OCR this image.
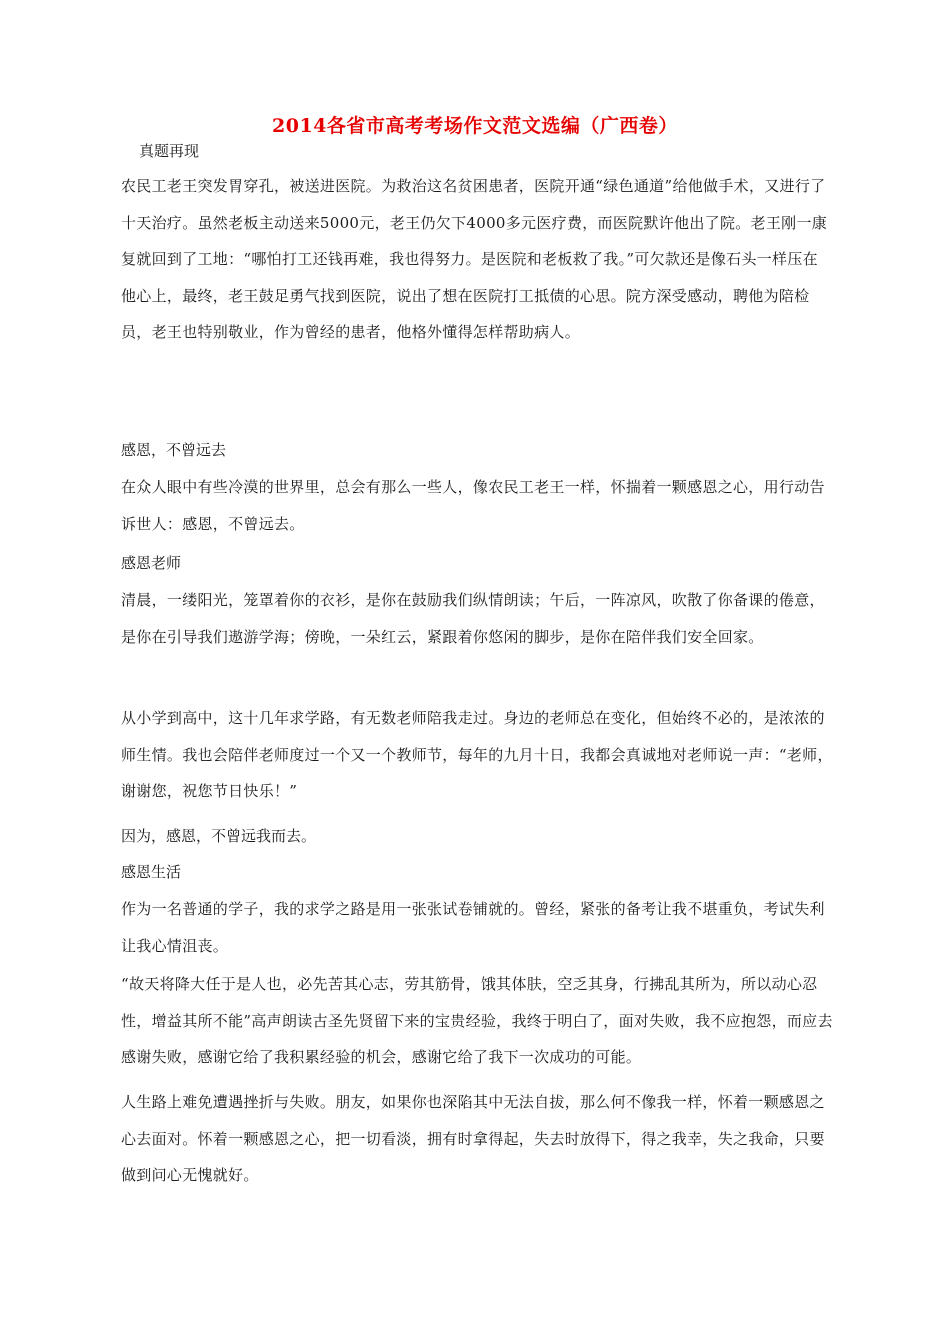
2014各省市高考考场作文范文选编（广西卷）
真题再现

农民工老王突发胃穿孔，被送进医院。为救治这名贫困患者，医院开通“绿色通道”给他做手术，又进行了十天治疗。虽然老板主动送来5000元，老王仍欠下4000多元医疗费，而医院默许他出了院。老王刚一康复就回到了工地：“哪怕打工还钱再难，我也得努力。是医院和老板救了我。”可欠款还是像石头一样压在他心上，最终，老王鼓足勇气找到医院，说出了想在医院打工抵债的心思。院方深受感动，聘他为陪检员，老王也特别敬业，作为曾经的患者，他格外懂得怎样帮助病人。

感恩，不曾远去

在众人眼中有些冷漠的世界里，总会有那么一些人，像农民工老王一样，怀揣着一颗感恩之心，用行动告诉世人：感恩，不曾远去。

感恩老师

清晨，一缕阳光，笼罩着你的衣衫，是你在鼓励我们纵情朗读；午后，一阵凉风，吹散了你备课的倦意，是你在引导我们遨游学海；傍晚，一朵红云，紧跟着你悠闲的脚步，是你在陪伴我们安全回家。

从小学到高中，这十几年求学路，有无数老师陪我走过。身边的老师总在变化，但始终不必的，是浓浓的师生情。我也会陪伴老师度过一个又一个教师节，每年的九月十日，我都会真诚地对老师说一声：“老师，谢谢您，祝您节日快乐！”

因为，感恩，不曾远我而去。
感恩生活

作为一名普通的学子，我的求学之路是用一张张试卷铺就的。曾经，紧张的备考让我不堪重负，考试失利让我心情沮丧。

“故天将降大任于是人也，必先苦其心志，劳其筋骨，饿其体肤，空乏其身，行拂乱其所为，所以动心忍性，增益其所不能”高声朗读古圣先贤留下来的宝贵经验，我终于明白了，面对失败，我不应抱怨，而应去感谢失败，感谢它给了我积累经验的机会，感谢它给了我下一次成功的可能。

人生路上难免遭遇挫折与失败。朋友，如果你也深陷其中无法自拔，那么何不像我一样，怀着一颗感恩之心去面对。怀着一颗感恩之心，把一切看淡，拥有时拿得起，失去时放得下，得之我幸，失之我命，只要做到问心无愧就好。
